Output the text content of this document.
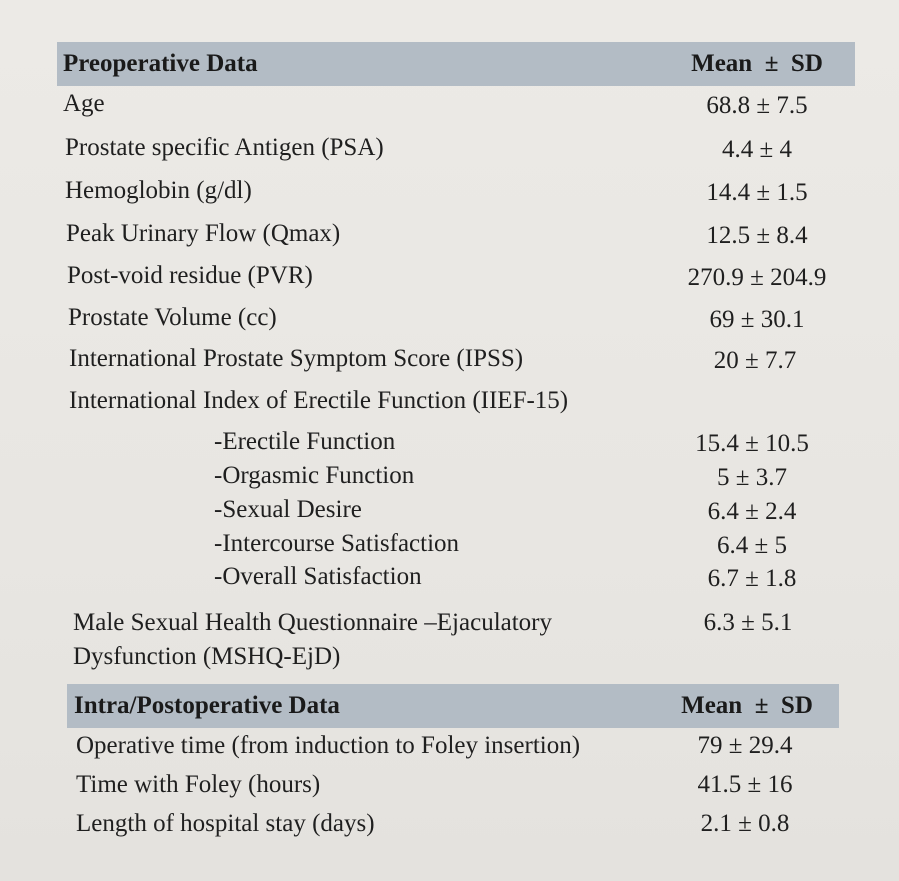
Preoperative Data	Mean  ±  SD
Age	68.8 ± 7.5
Prostate specific Antigen (PSA)	4.4 ± 4
Hemoglobin (g/dl)	14.4 ± 1.5
Peak Urinary Flow (Qmax)	12.5 ± 8.4
Post-void residue (PVR)	270.9 ± 204.9
Prostate Volume (cc)	69 ± 30.1
International Prostate Symptom Score (IPSS)	20 ± 7.7
International Index of Erectile Function (IIEF-15)
-Erectile Function	15.4 ± 10.5
-Orgasmic Function	5 ± 3.7
-Sexual Desire	6.4 ± 2.4
-Intercourse Satisfaction	6.4 ± 5
-Overall Satisfaction	6.7 ± 1.8
Male Sexual Health Questionnaire –Ejaculatory	6.3 ± 5.1
Dysfunction (MSHQ-EjD)
Intra/Postoperative Data	Mean  ±  SD
Operative time (from induction to Foley insertion)	79 ± 29.4
Time with Foley (hours)	41.5 ± 16
Length of hospital stay (days)	2.1 ± 0.8
